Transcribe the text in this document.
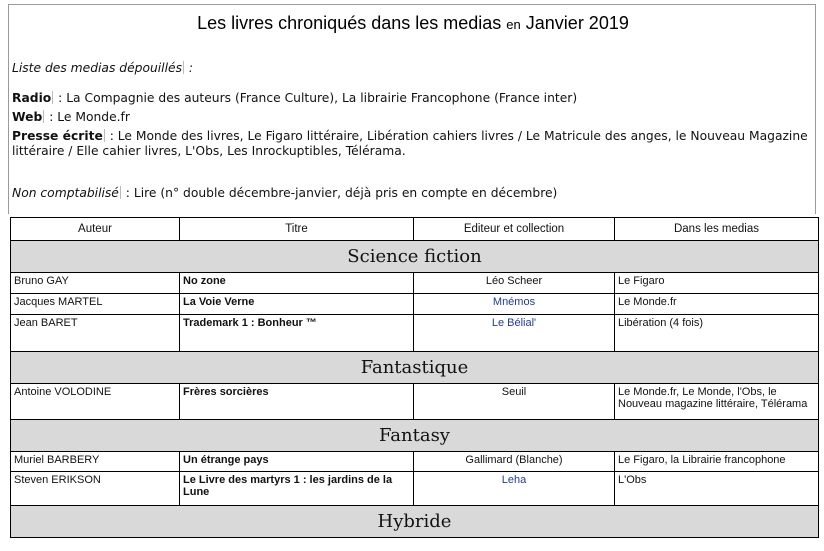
Les livres chroniqués dans les medias en Janvier 2019
Liste des medias dépouillés :
Radio : La Compagnie des auteurs (France Culture), La librairie Francophone (France inter)
Web : Le Monde.fr
Presse écrite : Le Monde des livres, Le Figaro littéraire, Libération cahiers livres / Le Matricule des anges, le Nouveau Magazine littéraire / Elle cahier livres, L'Obs, Les Inrockuptibles, Télérama.
Non comptabilisé : Lire (n° double décembre-janvier, déjà pris en compte en décembre)
Auteur	Titre	Editeur et collection	Dans les medias
Science fiction			
Bruno GAY	No zone	Léo Scheer	Le Figaro
Jacques MARTEL	La Voie Verne	Mnémos	Le Monde.fr
Jean BARET	Trademark 1 : Bonheur ™	Le Bélial'	Libération (4 fois)
Fantastique			
Antoine VOLODINE	Frères sorcières	Seuil	Le Monde.fr, Le Monde, l'Obs, le Nouveau magazine littéraire, Télérama
Fantasy			
Muriel BARBERY	Un étrange pays	Gallimard (Blanche)	Le Figaro, la Librairie francophone
Steven ERIKSON	Le Livre des martyrs 1 : les jardins de la Lune	Leha	L'Obs
Hybride			
